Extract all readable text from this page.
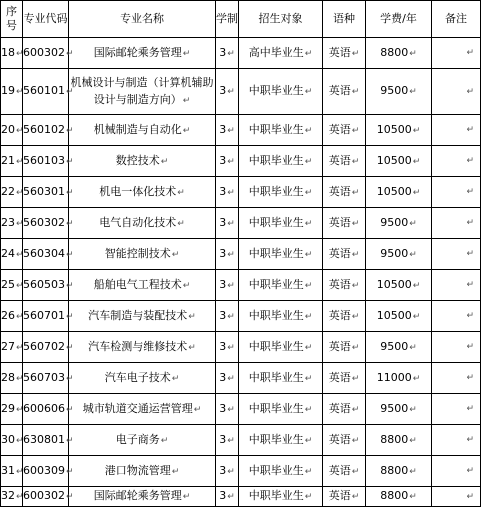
序号	专业代码	专业名称	学制	招生对象	语种	学费/年	备注
18↵	600302↵	国际邮轮乘务管理↵	3↵	高中毕业生↵	英语↵	8800↵	↵

19↵	560101↵	机械设计与制造（计算机辅助设计与制造方向）↵	3↵	中职毕业生↵	英语↵	9500↵	↵

20↵	560102↵	机械制造与自动化↵	3↵	中职毕业生↵	英语↵	10500↵	↵

21↵	560103↵	数控技术↵	3↵	中职毕业生↵	英语↵	10500↵	↵

22↵	560301↵	机电一体化技术↵	3↵	中职毕业生↵	英语↵	10500↵	↵

23↵	560302↵	电气自动化技术↵	3↵	中职毕业生↵	英语↵	9500↵	↵

24↵	560304↵	智能控制技术↵	3↵	中职毕业生↵	英语↵	9500↵	↵

25↵	560503↵	船舶电气工程技术↵	3↵	中职毕业生↵	英语↵	10500↵	↵

26↵	560701↵	汽车制造与装配技术↵	3↵	中职毕业生↵	英语↵	10500↵	↵

27↵	560702↵	汽车检测与维修技术↵	3↵	中职毕业生↵	英语↵	9500↵	↵

28↵	560703↵	汽车电子技术↵	3↵	中职毕业生↵	英语↵	11000↵	↵

29↵	600606↵	城市轨道交通运营管理↵	3↵	中职毕业生↵	英语↵	9500↵	↵

30↵	630801↵	电子商务↵	3↵	中职毕业生↵	英语↵	8800↵	↵

31↵	600309↵	港口物流管理↵	3↵	中职毕业生↵	英语↵	8800↵	↵

32↵	600302↵	国际邮轮乘务管理↵	3↵	中职毕业生↵	英语↵	8800↵	↵
